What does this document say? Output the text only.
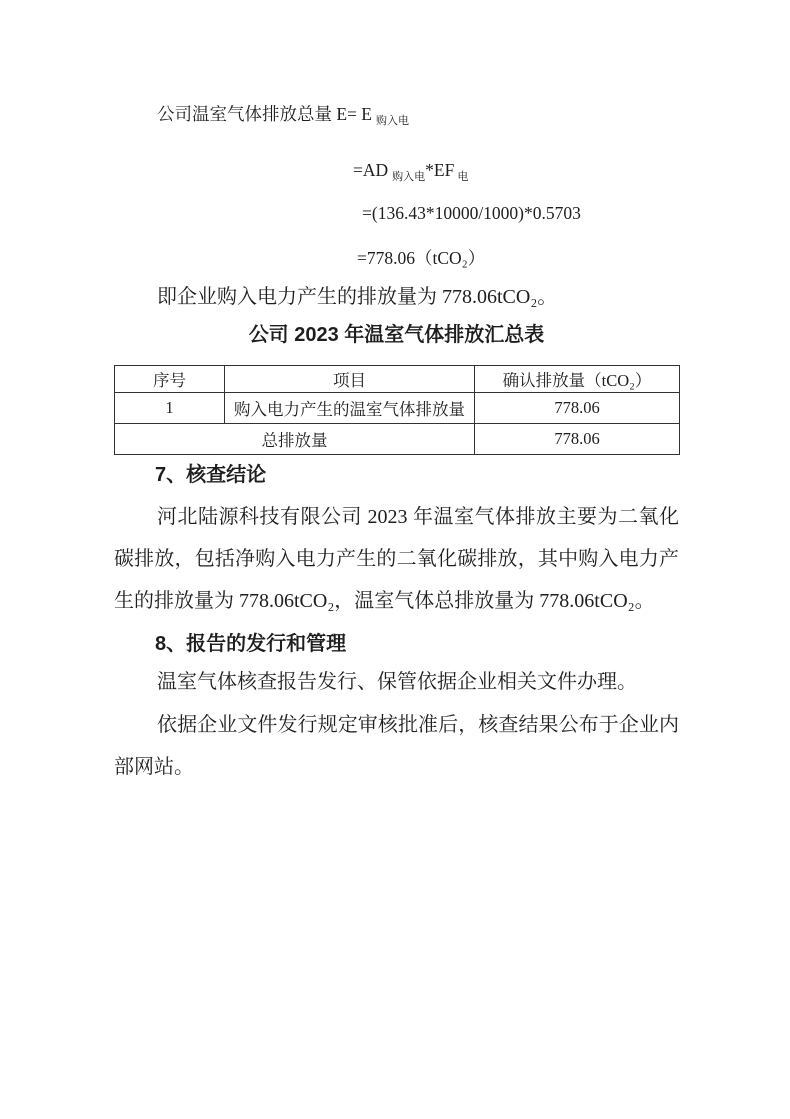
公司温室气体排放总量 E= E $_{购入电}$
=AD $_{购入电}$*EF $_电$
=(136.43*10000/1000)*0.5703
=778.06（tCO₂）

即企业购入电力产生的排放量为 778.06tCO₂。

公司 2023 年温室气体排放汇总表
序号	项目	确认排放量（tCO₂）
1	购入电力产生的温室气体排放量	778.06
总排放量		778.06
7、核查结论

河北陆源科技有限公司 2023 年温室气体排放主要为二氧化碳排放，包括净购入电力产生的二氧化碳排放，其中购入电力产生的排放量为 778.06tCO₂，温室气体总排放量为 778.06tCO₂。

8、报告的发行和管理

温室气体核查报告发行、保管依据企业相关文件办理。

依据企业文件发行规定审核批准后，核查结果公布于企业内部网站。
